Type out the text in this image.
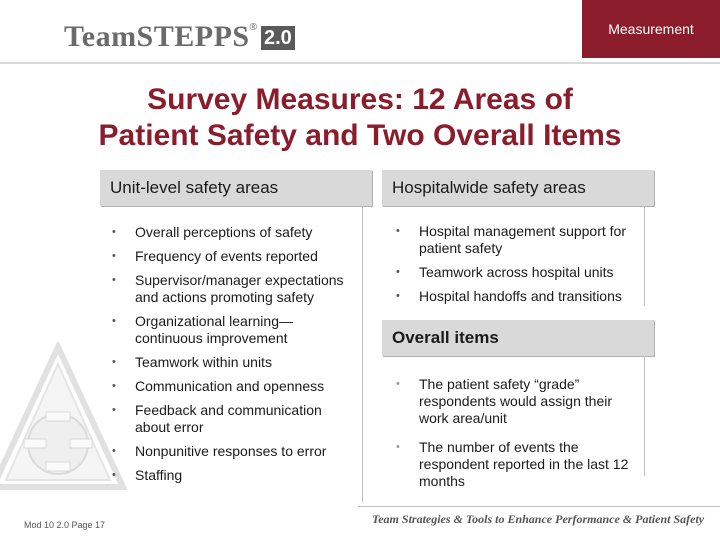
TeamSTEPPS ® 2.0	Measurement
Survey Measures: 12 Areas of
Patient Safety and Two Overall Items
Unit-level safety areas
• Overall perceptions of safety
• Frequency of events reported
• Supervisor/manager expectations
and actions promoting safety
• Organizational learning—
continuous improvement
• Teamwork within units
• Communication and openness
• Feedback and communication
about error
• Nonpunitive responses to error
• Staffing
Hospitalwide safety areas
• Hospital management support for
patient safety
• Teamwork across hospital units
• Hospital handoffs and transitions
Overall items
• The patient safety “grade”
respondents would assign their
work area/unit
• The number of events the
respondent reported in the last 12
months
Mod 10 2.0 Page 17	Team Strategies & Tools to Enhance Performance & Patient Safety
